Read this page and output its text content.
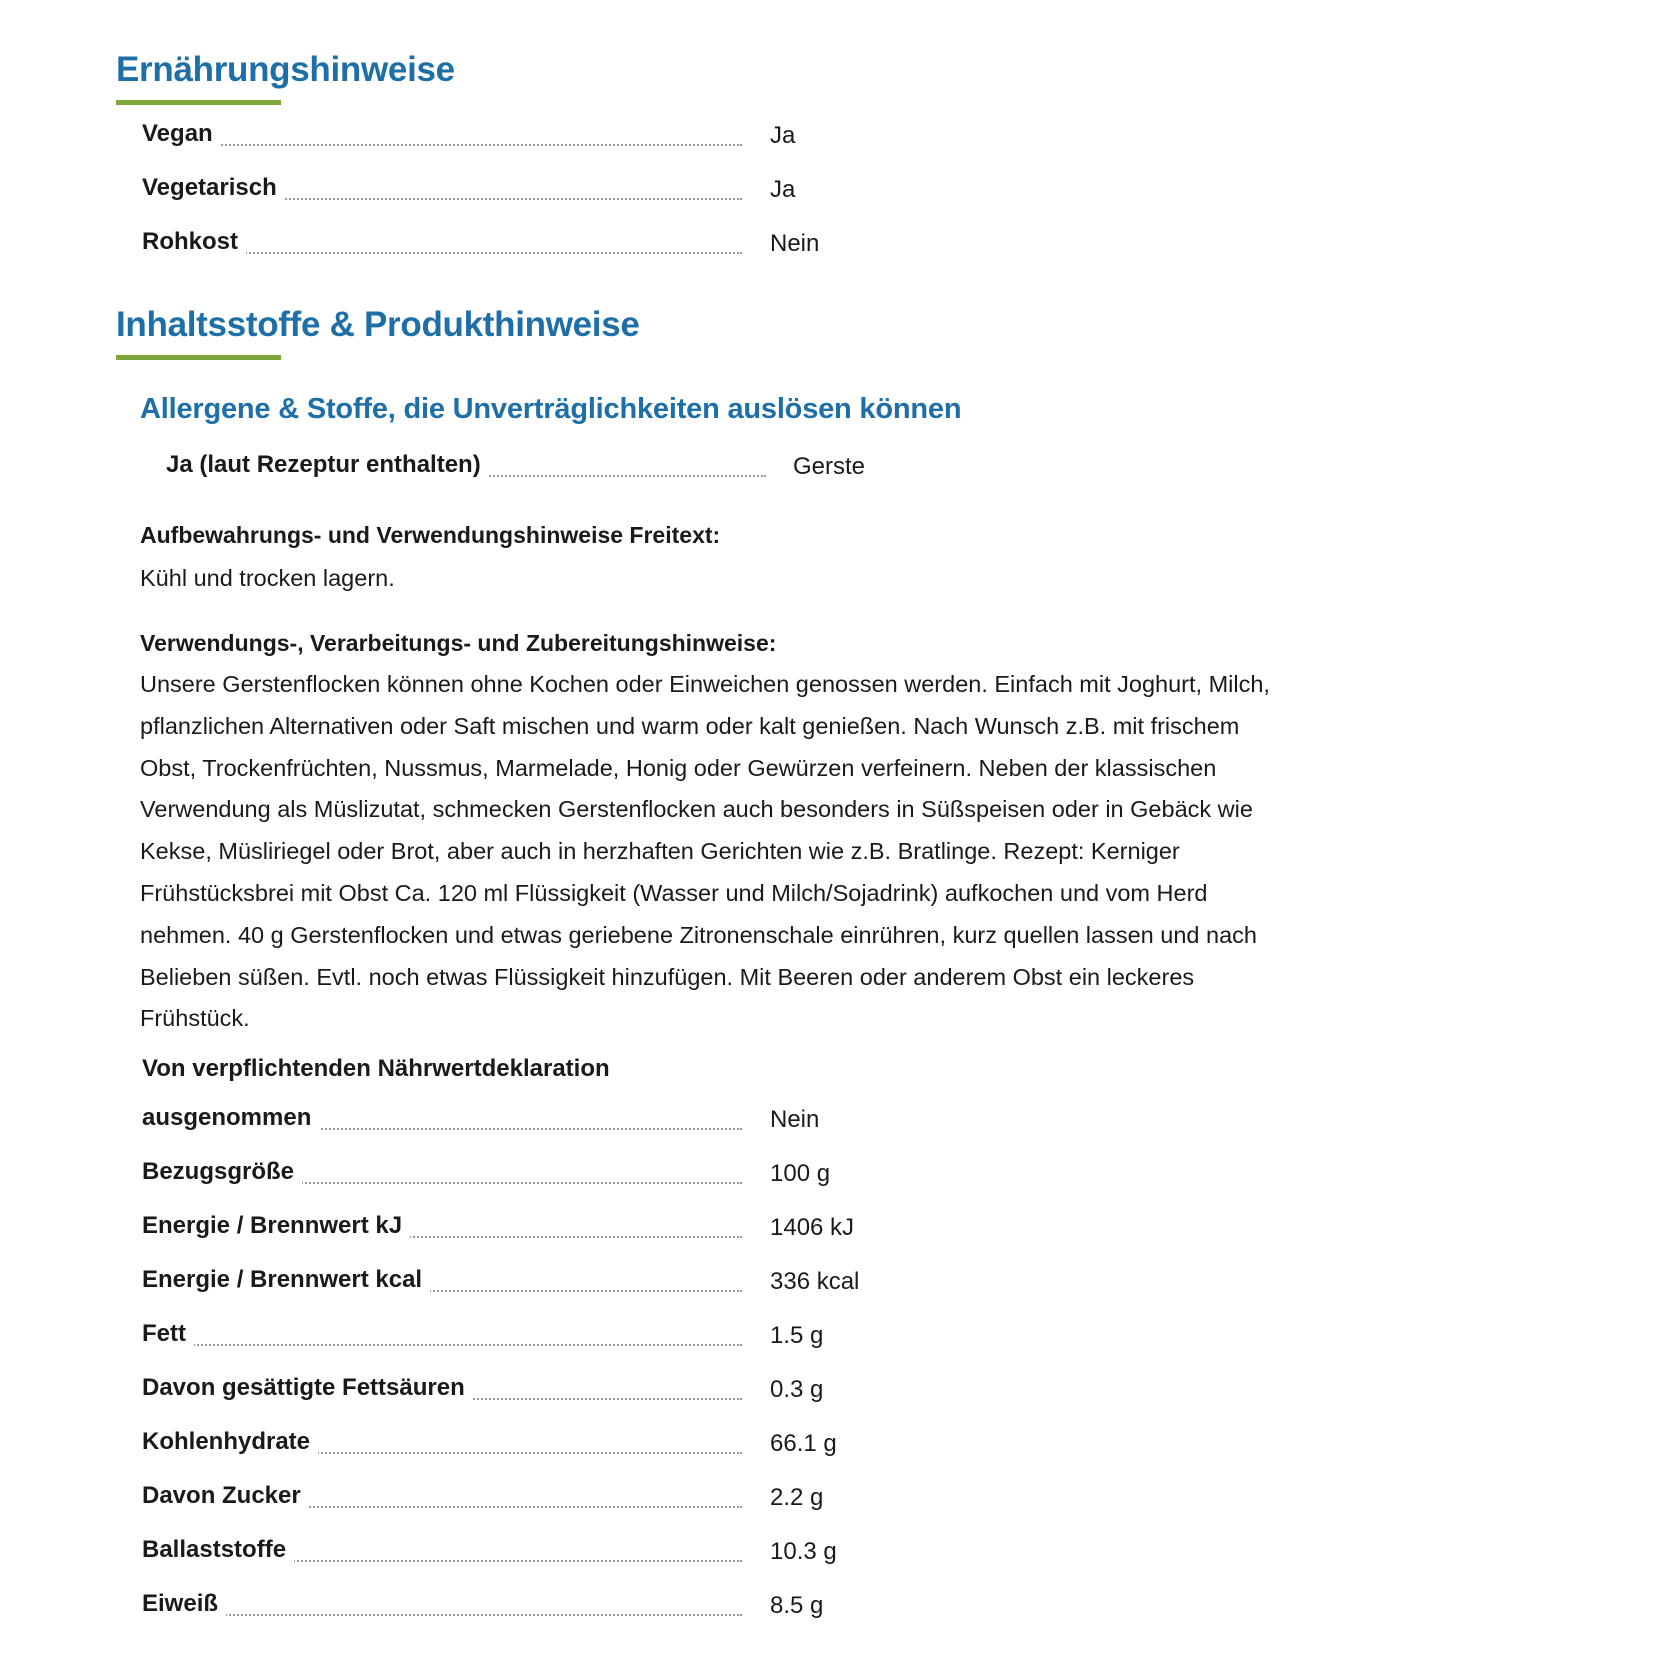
Ernährungshinweise
Vegan	Ja
Vegetarisch	Ja
Rohkost	Nein
Inhaltsstoffe & Produkthinweise
Allergene & Stoffe, die Unverträglichkeiten auslösen können
Ja (laut Rezeptur enthalten)	Gerste

Aufbewahrungs- und Verwendungshinweise Freitext:

Kühl und trocken lagern.

Verwendungs-, Verarbeitungs- und Zubereitungshinweise:

Unsere Gerstenflocken können ohne Kochen oder Einweichen genossen werden. Einfach mit Joghurt, Milch,
pflanzlichen Alternativen oder Saft mischen und warm oder kalt genießen. Nach Wunsch z.B. mit frischem
Obst, Trockenfrüchten, Nussmus, Marmelade, Honig oder Gewürzen verfeinern. Neben der klassischen
Verwendung als Müslizutat, schmecken Gerstenflocken auch besonders in Süßspeisen oder in Gebäck wie
Kekse, Müsliriegel oder Brot, aber auch in herzhaften Gerichten wie z.B. Bratlinge. Rezept: Kerniger
Frühstücksbrei mit Obst Ca. 120 ml Flüssigkeit (Wasser und Milch/Sojadrink) aufkochen und vom Herd
nehmen. 40 g Gerstenflocken und etwas geriebene Zitronenschale einrühren, kurz quellen lassen und nach
Belieben süßen. Evtl. noch etwas Flüssigkeit hinzufügen. Mit Beeren oder anderem Obst ein leckeres
Frühstück.

Von verpflichtenden Nährwertdeklaration

ausgenommen	Nein
Bezugsgröße	100 g
Energie / Brennwert kJ	1406 kJ
Energie / Brennwert kcal	336 kcal
Fett	1.5 g
Davon gesättigte Fettsäuren	0.3 g
Kohlenhydrate	66.1 g
Davon Zucker	2.2 g
Ballaststoffe	10.3 g
Eiweiß	8.5 g
